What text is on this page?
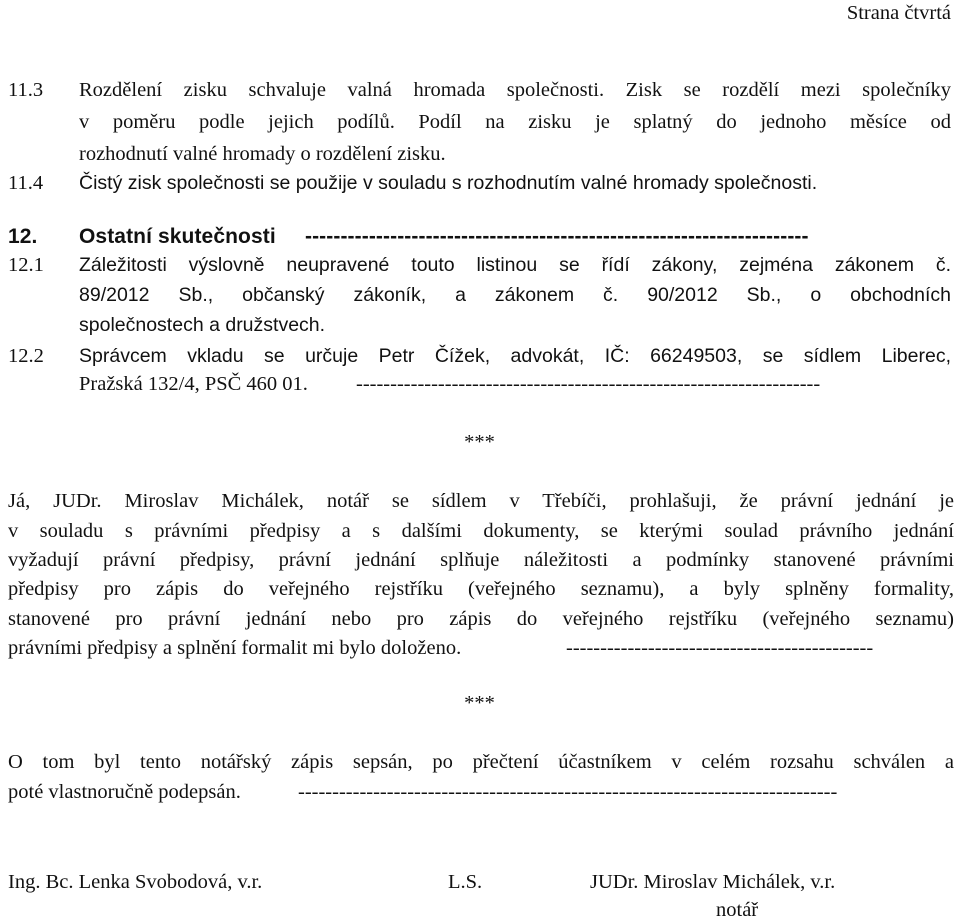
Strana čtvrtá
11.3 Rozdělení zisku schvaluje valná hromada společnosti. Zisk se rozdělí mezi společníky
v poměru podle jejich podílů. Podíl na zisku je splatný do jednoho měsíce od
rozhodnutí valné hromady o rozdělení zisku.
11.4 Čistý zisk společnosti se použije v souladu s rozhodnutím valné hromady společnosti.
12. Ostatní skutečnosti -----------------------------------------------------------------------
12.1 Záležitosti výslovně neupravené touto listinou se řídí zákony, zejména zákonem č.
89/2012 Sb., občanský zákoník, a zákonem č. 90/2012 Sb., o obchodních
společnostech a družstvech.
12.2 Správcem vkladu se určuje Petr Čížek, advokát, IČ: 66249503, se sídlem Liberec,
Pražská 132/4, PSČ 460 01. --------------------------------------------------------------------
***
Já, JUDr. Miroslav Michálek, notář se sídlem v Třebíči, prohlašuji, že právní jednání je
v souladu s právními předpisy a s dalšími dokumenty, se kterými soulad právního jednání
vyžadují právní předpisy, právní jednání splňuje náležitosti a podmínky stanovené právními
předpisy pro zápis do veřejného rejstříku (veřejného seznamu), a byly splněny formality,
stanovené pro právní jednání nebo pro zápis do veřejného rejstříku (veřejného seznamu)
právními předpisy a splnění formalit mi bylo doloženo.	---------------------------------------------
***
O tom byl tento notářský zápis sepsán, po přečtení účastníkem v celém rozsahu schválen a
poté vlastnoručně podepsán.	-------------------------------------------------------------------------------
Ing. Bc. Lenka Svobodová, v.r.	L.S.	JUDr. Miroslav Michálek, v.r.
notář
